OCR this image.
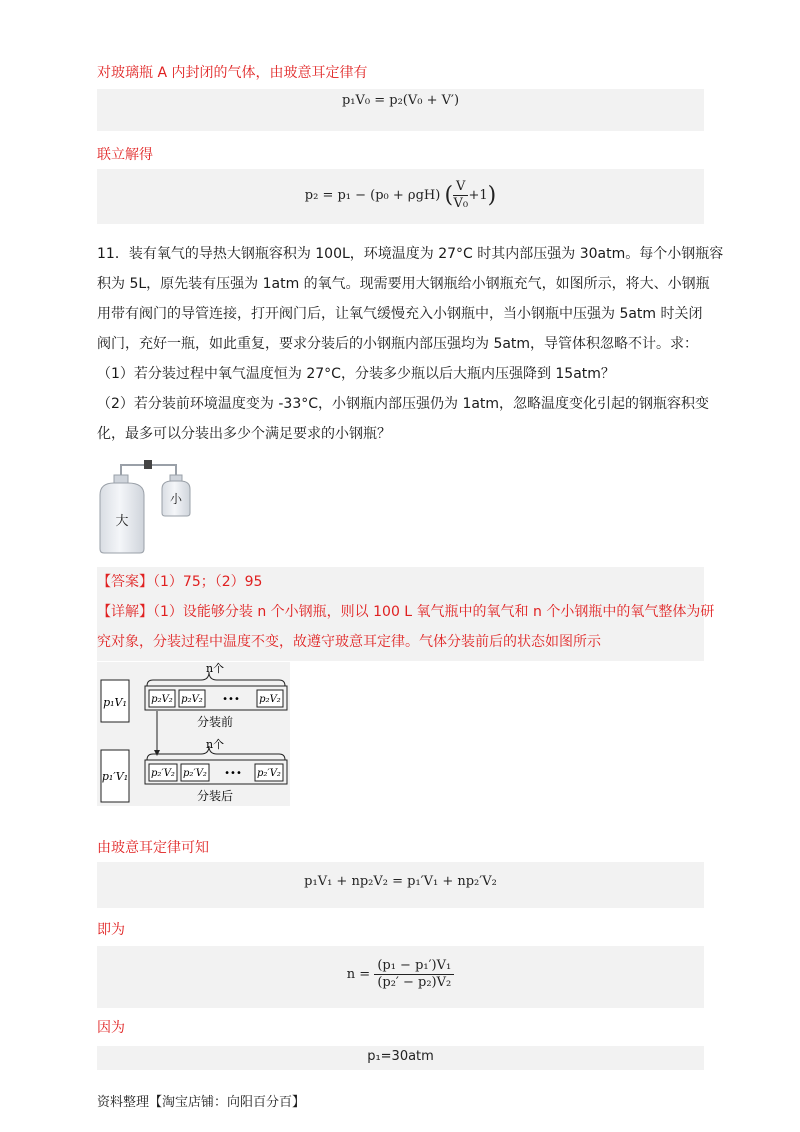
对玻璃瓶 A 内封闭的气体，由玻意耳定律有
p₁V₀ = p₂(V₀ + V′)
联立解得
p₂ = p₁ − (p₀ + ρgH) ( $\frac{V}{\text{V₀}} +1$)

11．装有氧气的导热大钢瓶容积为 100L，环境温度为 27°C 时其内部压强为 30atm。每个小钢瓶容

积为 5L，原先装有压强为 1atm 的氧气。现需要用大钢瓶给小钢瓶充气，如图所示，将大、小钢瓶

用带有阀门的导管连接，打开阀门后，让氧气缓慢充入小钢瓶中，当小钢瓶中压强为 5atm 时关闭

阀门，充好一瓶，如此重复，要求分装后的小钢瓶内部压强均为 5atm，导管体积忽略不计。求：

（1）若分装过程中氧气温度恒为 27°C，分装多少瓶以后大瓶内压强降到 15atm？

（2）若分装前环境温度变为 -33°C，小钢瓶内部压强仍为 1atm，忽略温度变化引起的钢瓶容积变

化，最多可以分装出多少个满足要求的小钢瓶？

大
小

【答案】（1）75；（2）95

【详解】（1）设能够分装 n 个小钢瓶，则以 100 L 氧气瓶中的氧气和 n 个小钢瓶中的氧气整体为研

究对象，分装过程中温度不变，故遵守玻意耳定律。气体分装前后的状态如图所示

p₁V₁
n个
p₂V₂ p₂V₂ ••• p₂V₂
分装前
p₁′V₁
n个
p₂′V₂ p₂′V₂ ••• p₂′V₂
分装后
由玻意耳定律可知
p₁V₁ + np₂V₂ = p₁′V₁ + np₂′V₂
即为
$n = \frac{\text{(p₁ − p₁′)V₁}}{\text{(p₂′ − p₂)V₂}}$
因为
p₁=30atm
资料整理【淘宝店铺：向阳百分百】
